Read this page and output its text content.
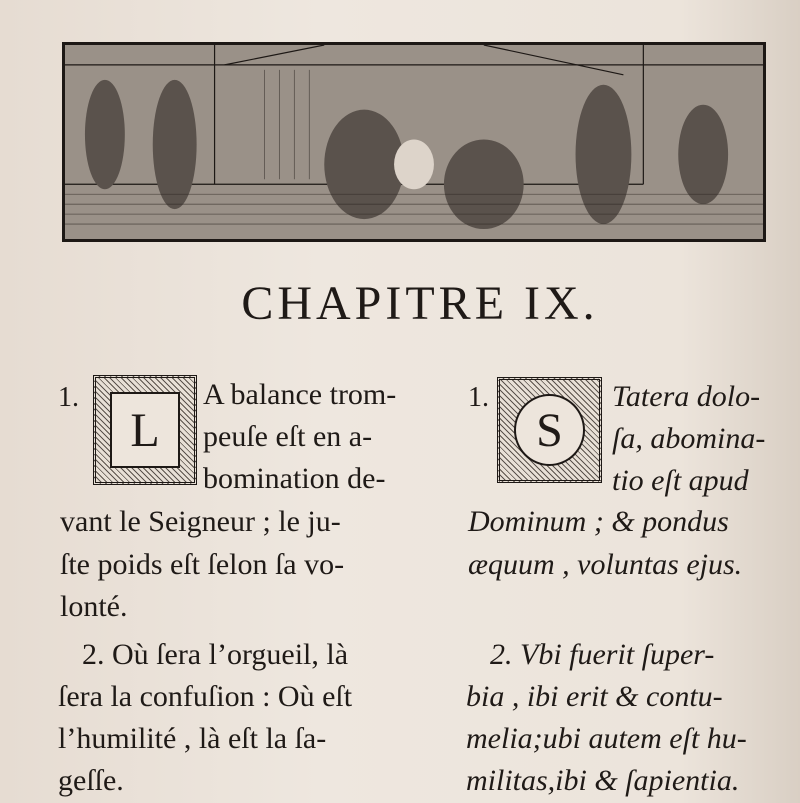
CHAPITRE IX.
1.
L
A balance trom-
peuſe eſt en a-
bomination de-
vant le Seigneur ; le ju-
ſte poids eſt ſelon ſa vo-
lonté.
2. Où ſera l’orgueil, là
ſera la confuſion : Où eſt
l’humilité , là eſt la ſa-
geſſe.
1.
S
Tatera dolo-
ſa, abomina-
tio eſt apud
Dominum ; & pondus
æquum , voluntas ejus.
2. Vbi fuerit ſuper-
bia , ibi erit & contu-
melia;ubi autem eſt hu-
militas,ibi & ſapientia.
